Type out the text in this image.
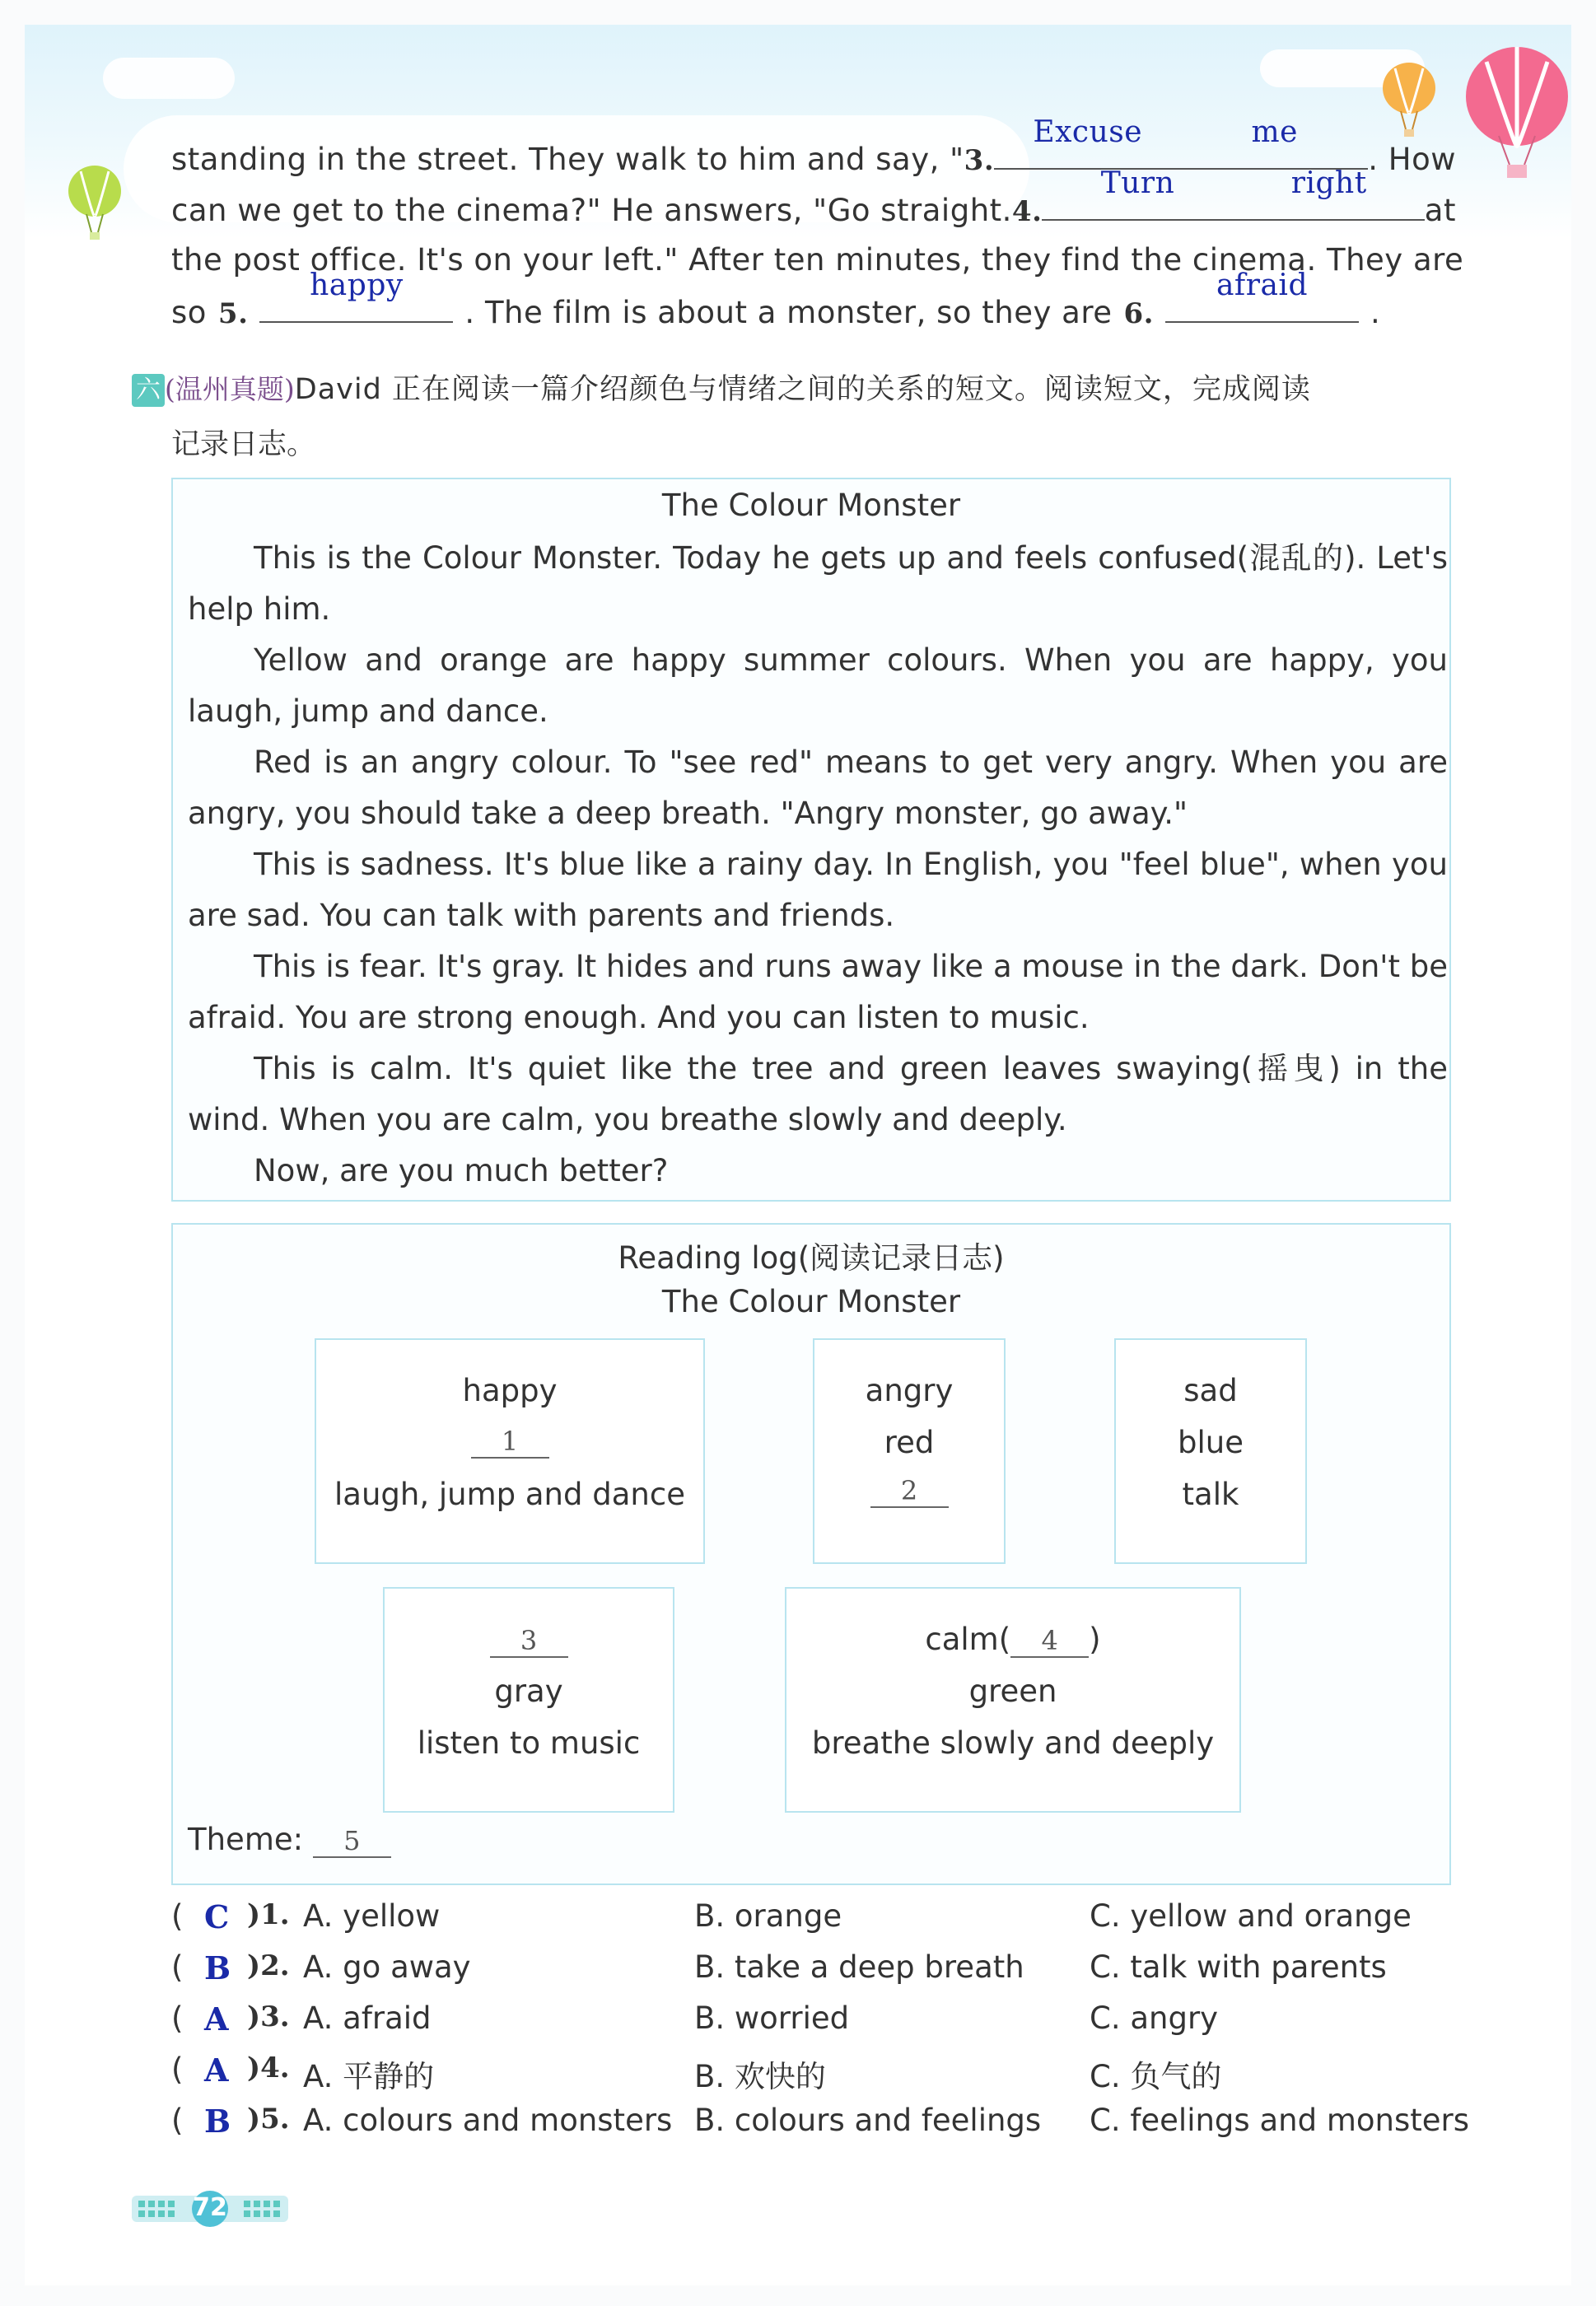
standing in the street. They walk to him and say, " 3.
Excuse	me
. How
can we get to the cinema?" He answers, "Go straight. 4.
Turn	right
at
the post office. It's on your left." After ten minutes, they find the cinema. They are
so 5.
happy
. The film is about a monster, so they are 6.
afraid
.
六 (温州真题)David 正在阅读一篇介绍颜色与情绪之间的关系的短文。阅读短文，完成阅读
记录日志。
The Colour Monster

This is the Colour Monster. Today he gets up and feels confused(混乱的). Let's help him.

Yellow and orange are happy summer colours. When you are happy, you laugh, jump and dance.

Red is an angry colour. To "see red" means to get very angry. When you are angry, you should take a deep breath. "Angry monster, go away."

This is sadness. It's blue like a rainy day. In English, you "feel blue", when you are sad. You can talk with parents and friends.

This is fear. It's gray. It hides and runs away like a mouse in the dark. Don't be afraid. You are strong enough. And you can listen to music.

This is calm. It's quiet like the tree and green leaves swaying(摇曳) in the wind. When you are calm, you breathe slowly and deeply.

Now, are you much better?

Reading log(阅读记录日志)
The Colour Monster
happy
1
laugh, jump and dance
angry
red
2
sad
blue
talk
3
gray
listen to music
calm( 4 )
green
breathe slowly and deeply
Theme: 5
( C )1. A. yellow	B. orange	C. yellow and orange
( B )2. A. go away	B. take a deep breath C. talk with parents
( A )3. A. afraid	B. worried	C. angry
( A )4. A. 平静的	B. 欢快的	C. 负气的
( B )5. A. colours and monsters B. colours and feelings C. feelings and monsters
72
